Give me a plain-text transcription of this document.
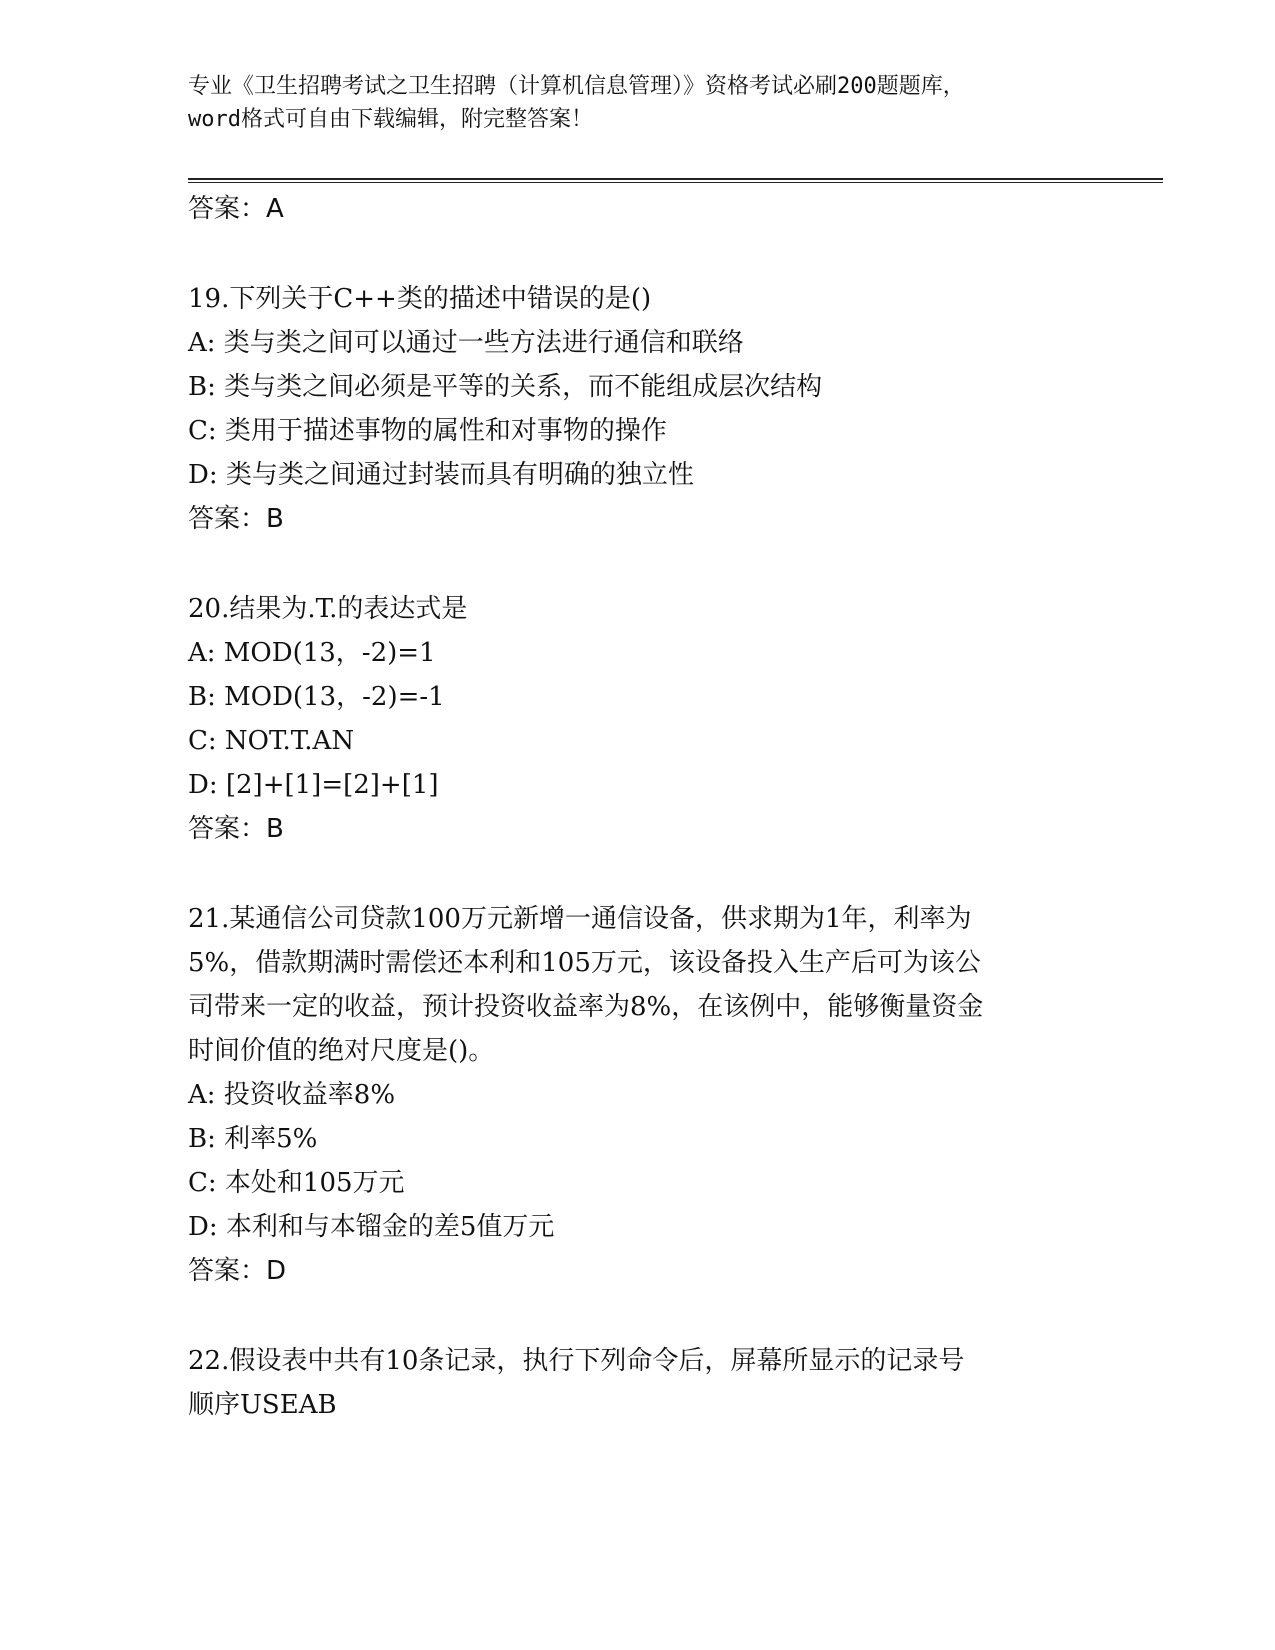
专业《卫生招聘考试之卫生招聘（计算机信息管理）》资格考试必刷200题题库，
word格式可自由下载编辑，附完整答案！
答案：A
19.下列关于C++类的描述中错误的是()
A: 类与类之间可以通过一些方法进行通信和联络
B: 类与类之间必须是平等的关系，而不能组成层次结构
C: 类用于描述事物的属性和对事物的操作
D: 类与类之间通过封装而具有明确的独立性
答案：B
20.结果为.T.的表达式是
A: MOD(13，-2)=1
B: MOD(13，-2)=-1
C: NOT.T.AN
D: [2]+[1]=[2]+[1]
答案：B
21.某通信公司贷款100万元新增一通信设备，供求期为1年，利率为
5%，借款期满时需偿还本利和105万元，该设备投入生产后可为该公
司带来一定的收益，预计投资收益率为8%，在该例中，能够衡量资金
时间价值的绝对尺度是()。
A: 投资收益率8%
B: 利率5%
C: 本处和105万元
D: 本利和与本镏金的差5值万元
答案：D
22.假设表中共有10条记录，执行下列命令后，屏幕所显示的记录号
顺序USEAB
